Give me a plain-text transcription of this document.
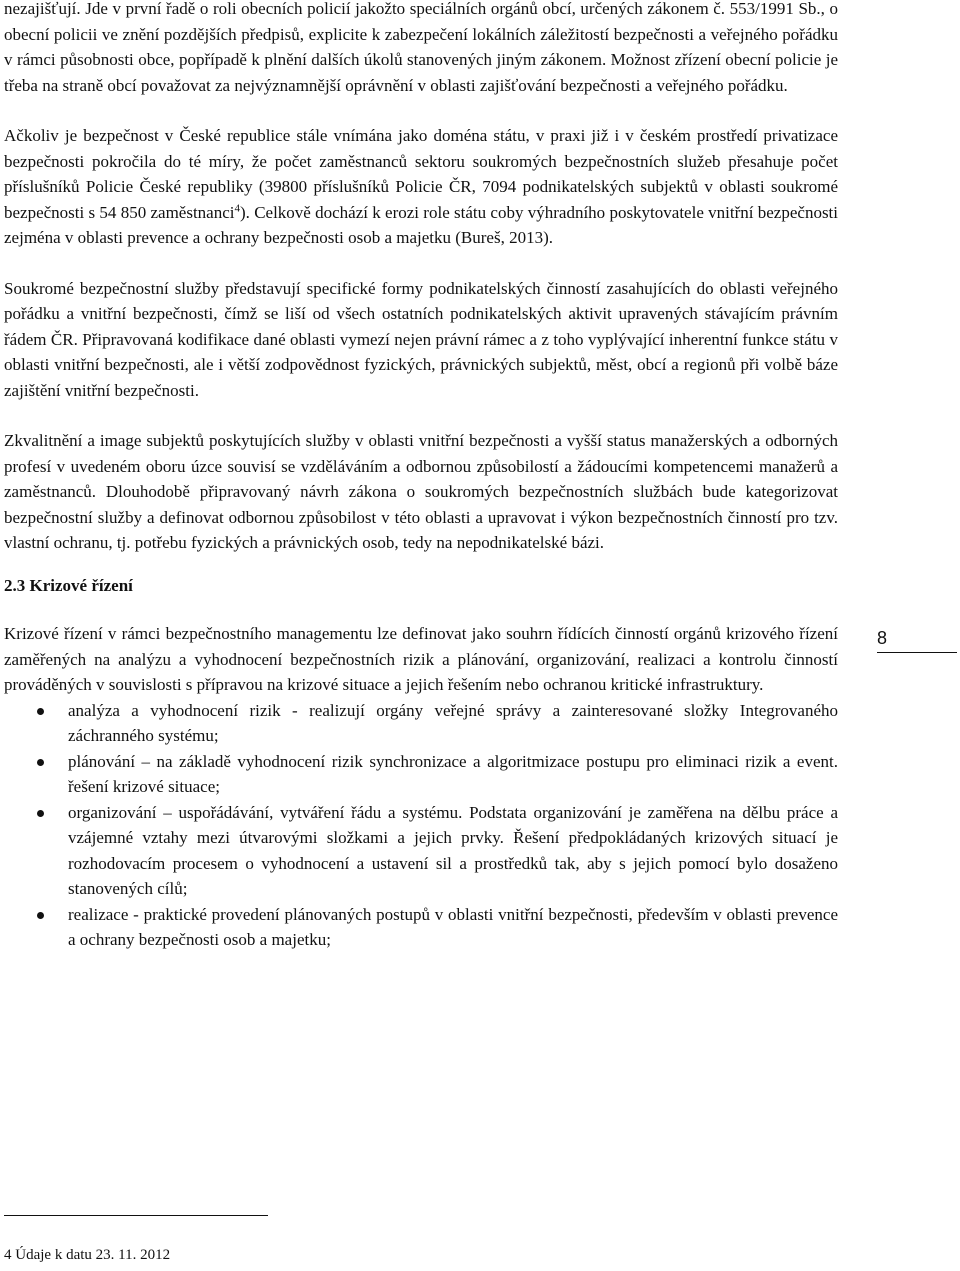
nezajišťují. Jde v první řadě o roli obecních policií jakožto speciálních orgánů obcí, určených zákonem č. 553/1991 Sb., o obecní policii ve znění pozdějších předpisů, explicite k zabezpečení lokálních záležitostí bezpečnosti a veřejného pořádku v rámci působnosti obce, popřípadě k plnění dalších úkolů stanovených jiným zákonem. Možnost zřízení obecní policie je třeba na straně obcí považovat za nejvýznamnější oprávnění v oblasti zajišťování bezpečnosti a veřejného pořádku.

Ačkoliv je bezpečnost v České republice stále vnímána jako doména státu, v praxi již i v českém prostředí privatizace bezpečnosti pokročila do té míry, že počet zaměstnanců sektoru soukromých bezpečnostních služeb přesahuje počet příslušníků Policie České republiky (39800 příslušníků Policie ČR, 7094 podnikatelských subjektů v oblasti soukromé bezpečnosti s 54 850 zaměstnanci$^4$). Celkově dochází k erozi role státu coby výhradního poskytovatele vnitřní bezpečnosti zejména v oblasti prevence a ochrany bezpečnosti osob a majetku (Bureš, 2013).

Soukromé bezpečnostní služby představují specifické formy podnikatelských činností zasahujících do oblasti veřejného pořádku a vnitřní bezpečnosti, čímž se liší od všech ostatních podnikatelských aktivit upravených stávajícím právním řádem ČR. Připravovaná kodifikace dané oblasti vymezí nejen právní rámec a z toho vyplývající inherentní funkce státu v oblasti vnitřní bezpečnosti, ale i větší zodpovědnost fyzických, právnických subjektů, měst, obcí a regionů při volbě báze zajištění vnitřní bezpečnosti.

Zkvalitnění a image subjektů poskytujících služby v oblasti vnitřní bezpečnosti a vyšší status manažerských a odborných profesí v uvedeném oboru úzce souvisí se vzděláváním a odbornou způsobilostí a žádoucími kompetencemi manažerů a zaměstnanců. Dlouhodobě připravovaný návrh zákona o soukromých bezpečnostních službách bude kategorizovat bezpečnostní služby a definovat odbornou způsobilost v této oblasti a upravovat i výkon bezpečnostních činností pro tzv. vlastní ochranu, tj. potřebu fyzických a právnických osob, tedy na nepodnikatelské bázi.

2.3 Krizové řízení

Krizové řízení v rámci bezpečnostního managementu lze definovat jako souhrn řídících činností orgánů krizového řízení zaměřených na analýzu a vyhodnocení bezpečnostních rizik a plánování, organizování, realizaci a kontrolu činností prováděných v souvislosti s přípravou na krizové situace a jejich řešením nebo ochranou kritické infrastruktury.

analýza a vyhodnocení rizik - realizují orgány veřejné správy a zainteresované složky Integrovaného záchranného systému;
plánování – na základě vyhodnocení rizik synchronizace a algoritmizace postupu pro eliminaci rizik a event. řešení krizové situace;
organizování – uspořádávání, vytváření řádu a systému. Podstata organizování je zaměřena na dělbu práce a vzájemné vztahy mezi útvarovými složkami a jejich prvky. Řešení předpokládaných krizových situací je rozhodovacím procesem o vyhodnocení a ustavení sil a prostředků tak, aby s jejich pomocí bylo dosaženo stanovených cílů;
realizace - praktické provedení plánovaných postupů v oblasti vnitřní bezpečnosti, především v oblasti prevence a ochrany bezpečnosti osob a majetku;
8
4 Údaje k datu 23. 11. 2012
